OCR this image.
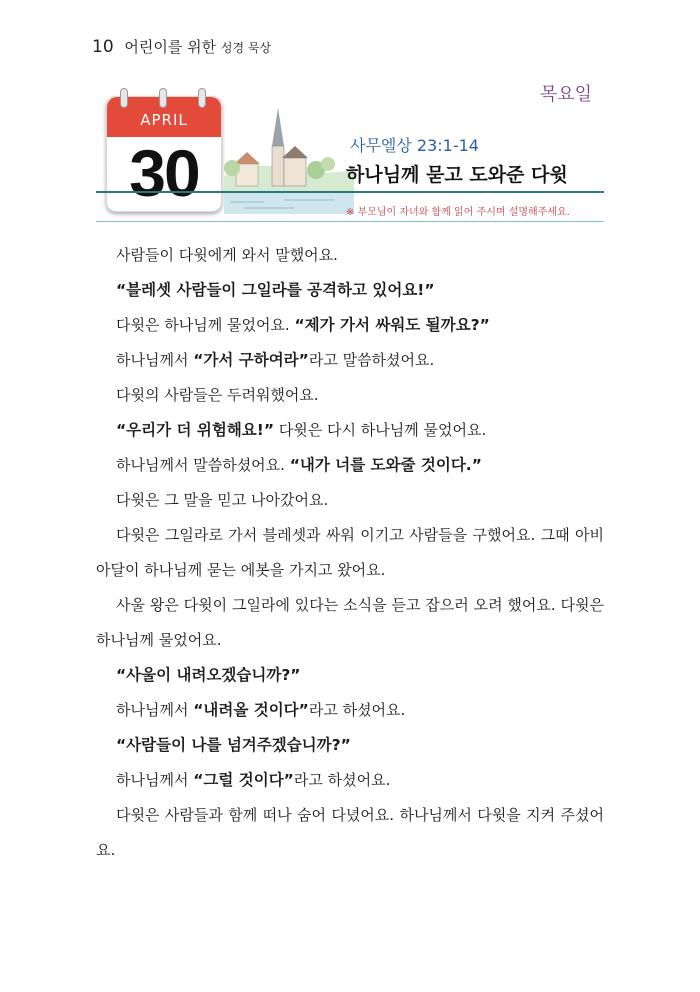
10 어린이를 위한 성경 묵상
목요일
APRIL
30	사무엘상 23:1-14
하나님께 묻고 도와준 다윗
※ 부모님이 자녀와 함께 읽어 주시며 설명해주세요.

사람들이 다윗에게 와서 말했어요.

“블레셋 사람들이 그일라를 공격하고 있어요!”

다윗은 하나님께 물었어요. “제가 가서 싸워도 될까요?”

하나님께서 “가서 구하여라”라고 말씀하셨어요.

다윗의 사람들은 두려워했어요.

“우리가 더 위험해요!” 다윗은 다시 하나님께 물었어요.

하나님께서 말씀하셨어요. “내가 너를 도와줄 것이다.”

다윗은 그 말을 믿고 나아갔어요.

다윗은 그일라로 가서 블레셋과 싸워 이기고 사람들을 구했어요. 그때 아비아달이 하나님께 묻는 에봇을 가지고 왔어요.

사울 왕은 다윗이 그일라에 있다는 소식을 듣고 잡으러 오려 했어요. 다윗은 하나님께 물었어요.

“사울이 내려오겠습니까?”

하나님께서 “내려올 것이다”라고 하셨어요.

“사람들이 나를 넘겨주겠습니까?”

하나님께서 “그럴 것이다”라고 하셨어요.

다윗은 사람들과 함께 떠나 숨어 다녔어요. 하나님께서 다윗을 지켜 주셨어요.
